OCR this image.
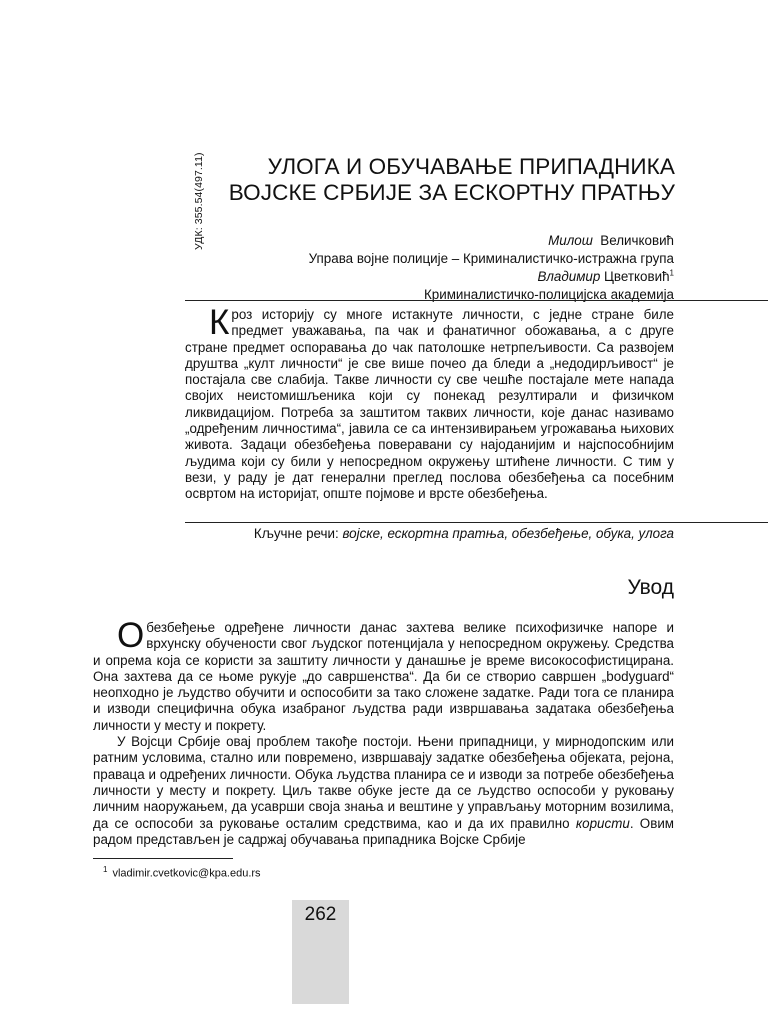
УДК: 355.54(497.11)	УЛОГА И ОБУЧАВАЊЕ ПРИПАДНИКА
ВОЈСКЕ СРБИЈЕ ЗА ЕСКОРТНУ ПРАТЊУ
Милош Величковић
Управа војне полиције – Криминалистичко-истражна група
Владимир Цветковић$^1$
Криминалистичко-полицијска академија

Кроз историју су многе истакнуте личности, с једне стране биле предмет уважавања, па чак и фанатичног обожавања, а с друге стране предмет оспоравања до чак патолошке нетрпељивости. Са развојем друштва „култ личности“ је све више почео да бледи а „недодирљивост“ је постајала све слабија. Такве личности су све чешће постајале мете напада својих неистомишљеника који су понекад резултирали и физичком ликвидацијом. Потреба за заштитом таквих личности, које данас називамо „одређеним личностима“, јавила се са интензивирањем угрожавања њихових живота. Задаци обезбеђења поверавани су најоданијим и најспособнијим људима који су били у непосредном окружењу штићене личности. С тим у вези, у раду је дат генерални преглед послова обезбеђења са посебним освртом на историјат, опште појмове и врсте обезбеђења.

Кључне речи: војске, ескортна пратња, обезбеђење, обука, улога
Увод

Обезбеђење одређене личности данас захтева велике психофизичке напоре и врхунску обучености свог људског потенцијала у непосредном окружењу. Средства и опрема која се користи за заштиту личности у данашње је време високософистицирана. Она захтева да се њоме рукује „до савршенства“. Да би се створио савршен „bodyguard“ неопходно је људство обучити и оспособити за тако сложене задатке. Ради тога се планира и изводи специфична обука изабраног људства ради извршавања задатака обезбеђења личности у месту и покрету.

У Војсци Србије овај проблем такође постоји. Њени припадници, у мирнодопским или ратним условима, стално или повремено, извршавају задатке обезбеђења објеката, рејона, праваца и одређених личности. Обука људства планира се и изводи за потребе обезбеђења личности у месту и покрету. Циљ такве обуке јесте да се људство оспособи у руковању личним наоружањем, да усаврши своја знања и вештине у управљању моторним возилима, да се оспособи за руковање осталим средствима, као и да их правилно користи. Овим радом представљен је садржај обучавања припадника Војске Србије

$^1$ vladimir.cvetkovic@kpa.edu.rs
262
